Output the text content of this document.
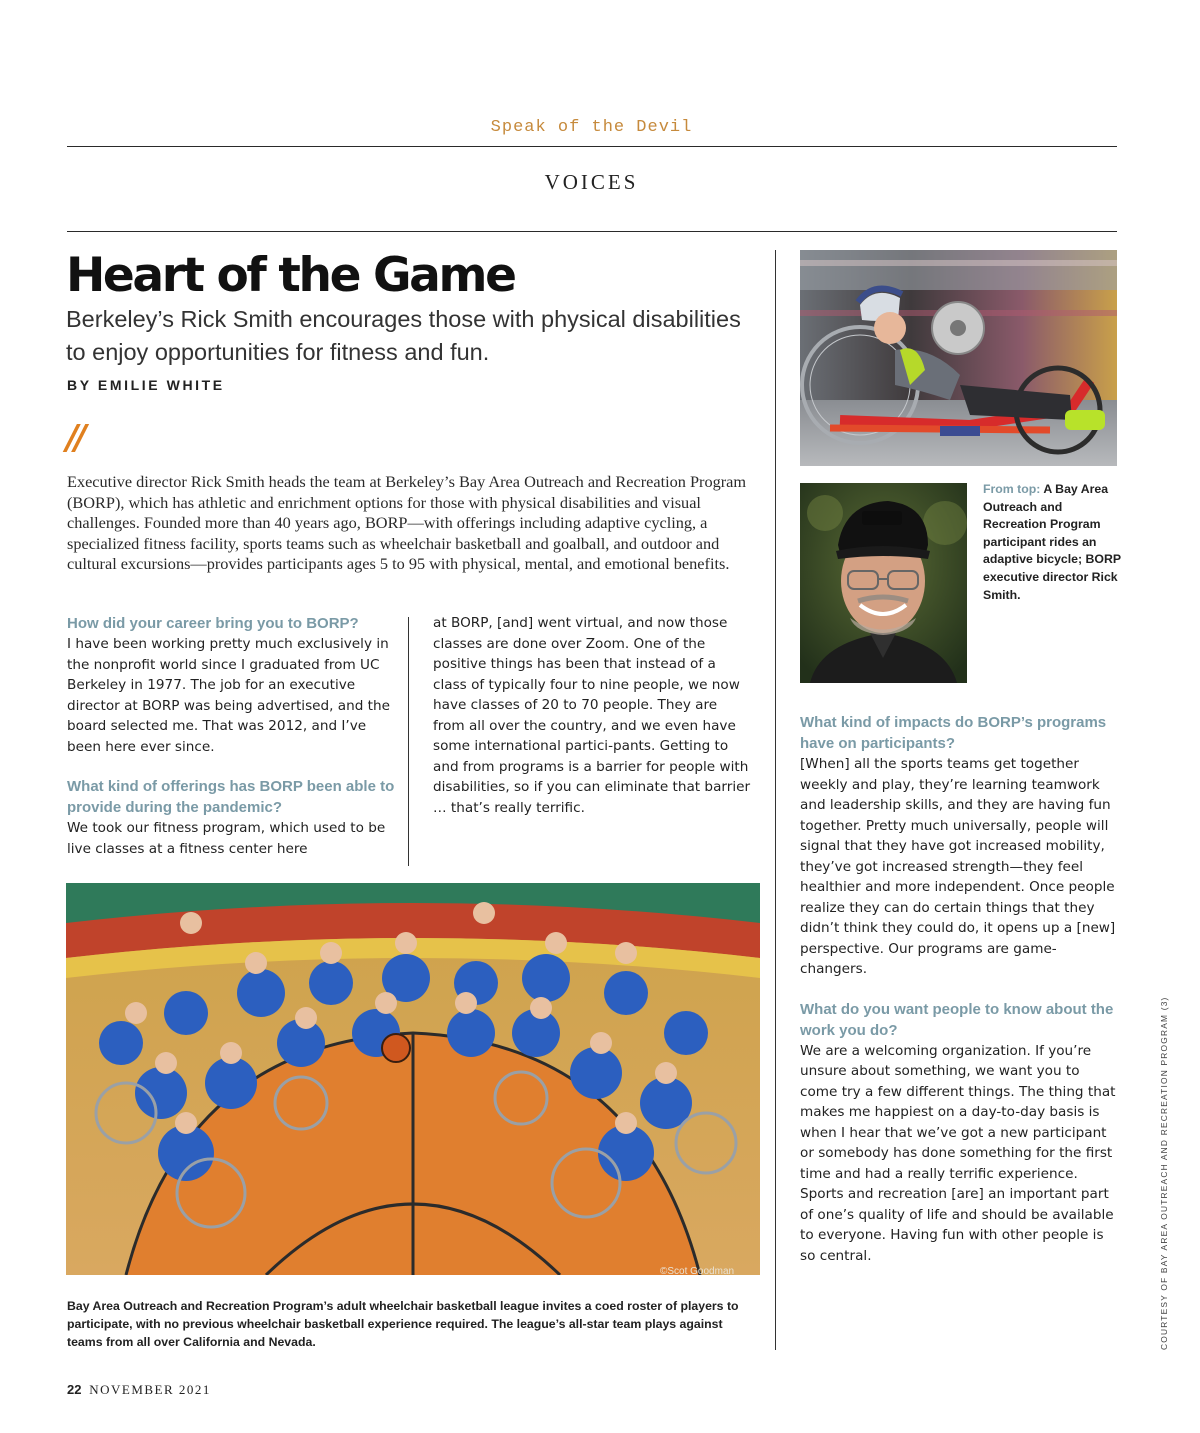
Speak of the Devil
VOICES
Heart of the Game
Berkeley’s Rick Smith encourages those with physical disabilities to enjoy opportunities for fitness and fun.
BY EMILIE WHITE
//
Executive director Rick Smith heads the team at Berkeley’s Bay Area Outreach and Recreation Program (BORP), which has athletic and enrichment options for those with physical disabilities and visual challenges. Founded more than 40 years ago, BORP—with offerings including adaptive cycling, a specialized fitness facility, sports teams such as wheelchair basketball and goalball, and outdoor and cultural excursions—provides participants ages 5 to 95 with physical, mental, and emotional benefits.

How did your career bring you to BORP?

I have been working pretty much exclusively in the nonprofit world since I graduated from UC Berkeley in 1977. The job for an executive director at BORP was being advertised, and the board selected me. That was 2012, and I’ve been here ever since.

What kind of offerings has BORP been able to provide during the pandemic?

We took our fitness program, which used to be live classes at a fitness center here

at BORP, [and] went virtual, and now those classes are done over Zoom. One of the positive things has been that instead of a class of typically four to nine people, we now have classes of 20 to 70 people. They are from all over the country, and we even have some international partici-pants. Getting to and from programs is a barrier for people with disabilities, so if you can eliminate that barrier … that’s really terrific.

What kind of impacts do BORP’s programs have on participants?

[When] all the sports teams get together weekly and play, they’re learning teamwork and leadership skills, and they are having fun together. Pretty much universally, people will signal that they have got increased mobility, they’ve got increased strength—they feel healthier and more independent. Once people realize they can do certain things that they didn’t think they could do, it opens up a [new] perspective. Our programs are game-changers.

What do you want people to know about the work you do?

We are a welcoming organization. If you’re unsure about something, we want you to come try a few different things. The thing that makes me happiest on a day-to-day basis is when I hear that we’ve got a new participant or somebody has done something for the first time and had a really terrific experience. Sports and recreation [are] an important part of one’s quality of life and should be available to everyone. Having fun with other people is so central.

From top: A Bay Area Outreach and Recreation Program participant rides an adaptive bicycle; BORP executive director Rick Smith.
©Scot Goodman
Bay Area Outreach and Recreation Program’s adult wheelchair basketball league invites a coed roster of players to participate, with no previous wheelchair basketball experience required. The league’s all-star team plays against teams from all over California and Nevada.	COURTESY OF BAY AREA OUTREACH AND RECREATION PROGRAM (3)
22 NOVEMBER 2021
